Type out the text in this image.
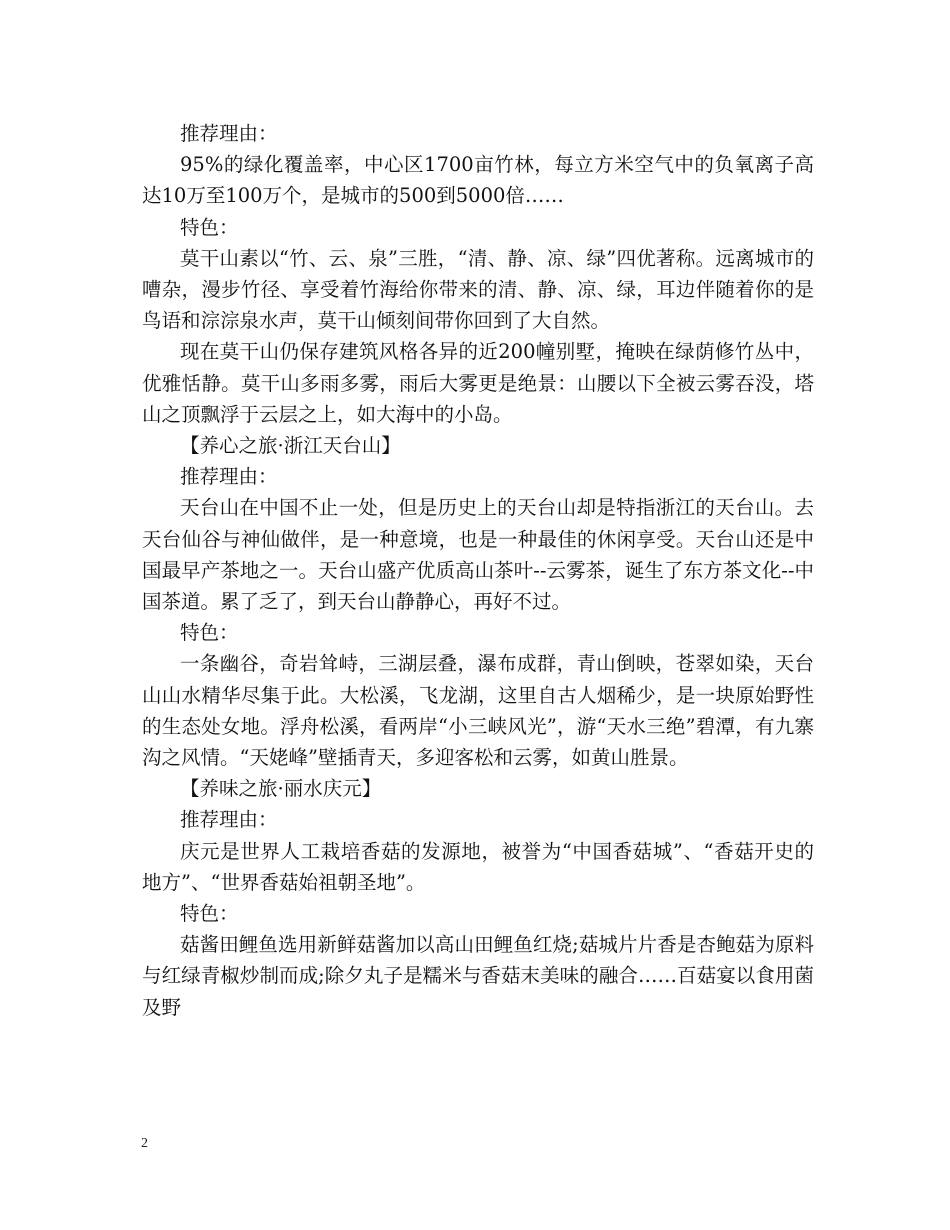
推荐理由：

95%的绿化覆盖率，中心区1700亩竹林，每立方米空气中的负氧离子高达10万至100万个，是城市的500到5000倍……

特色：

莫干山素以“竹、云、泉”三胜，“清、静、凉、绿”四优著称。远离城市的嘈杂，漫步竹径、享受着竹海给你带来的清、静、凉、绿，耳边伴随着你的是鸟语和淙淙泉水声，莫干山倾刻间带你回到了大自然。

现在莫干山仍保存建筑风格各异的近200幢别墅，掩映在绿荫修竹丛中，优雅恬静。莫干山多雨多雾，雨后大雾更是绝景：山腰以下全被云雾吞没，塔山之顶飘浮于云层之上，如大海中的小岛。

【养心之旅·浙江天台山】

推荐理由：

天台山在中国不止一处，但是历史上的天台山却是特指浙江的天台山。去天台仙谷与神仙做伴，是一种意境，也是一种最佳的休闲享受。天台山还是中国最早产茶地之一。天台山盛产优质高山茶叶--云雾茶，诞生了东方茶文化--中国茶道。累了乏了，到天台山静静心，再好不过。

特色：

一条幽谷，奇岩耸峙，三湖层叠，瀑布成群，青山倒映，苍翠如染，天台山山水精华尽集于此。大松溪，飞龙湖，这里自古人烟稀少，是一块原始野性的生态处女地。浮舟松溪，看两岸“小三峡风光”，游“天水三绝”碧潭，有九寨沟之风情。“天姥峰”壁插青天，多迎客松和云雾，如黄山胜景。

【养味之旅·丽水庆元】

推荐理由：

庆元是世界人工栽培香菇的发源地，被誉为“中国香菇城”、“香菇开史的地方”、“世界香菇始祖朝圣地”。

特色：

菇酱田鲤鱼选用新鲜菇酱加以高山田鲤鱼红烧;菇城片片香是杏鲍菇为原料与红绿青椒炒制而成;除夕丸子是糯米与香菇末美味的融合……百菇宴以食用菌及野

2
